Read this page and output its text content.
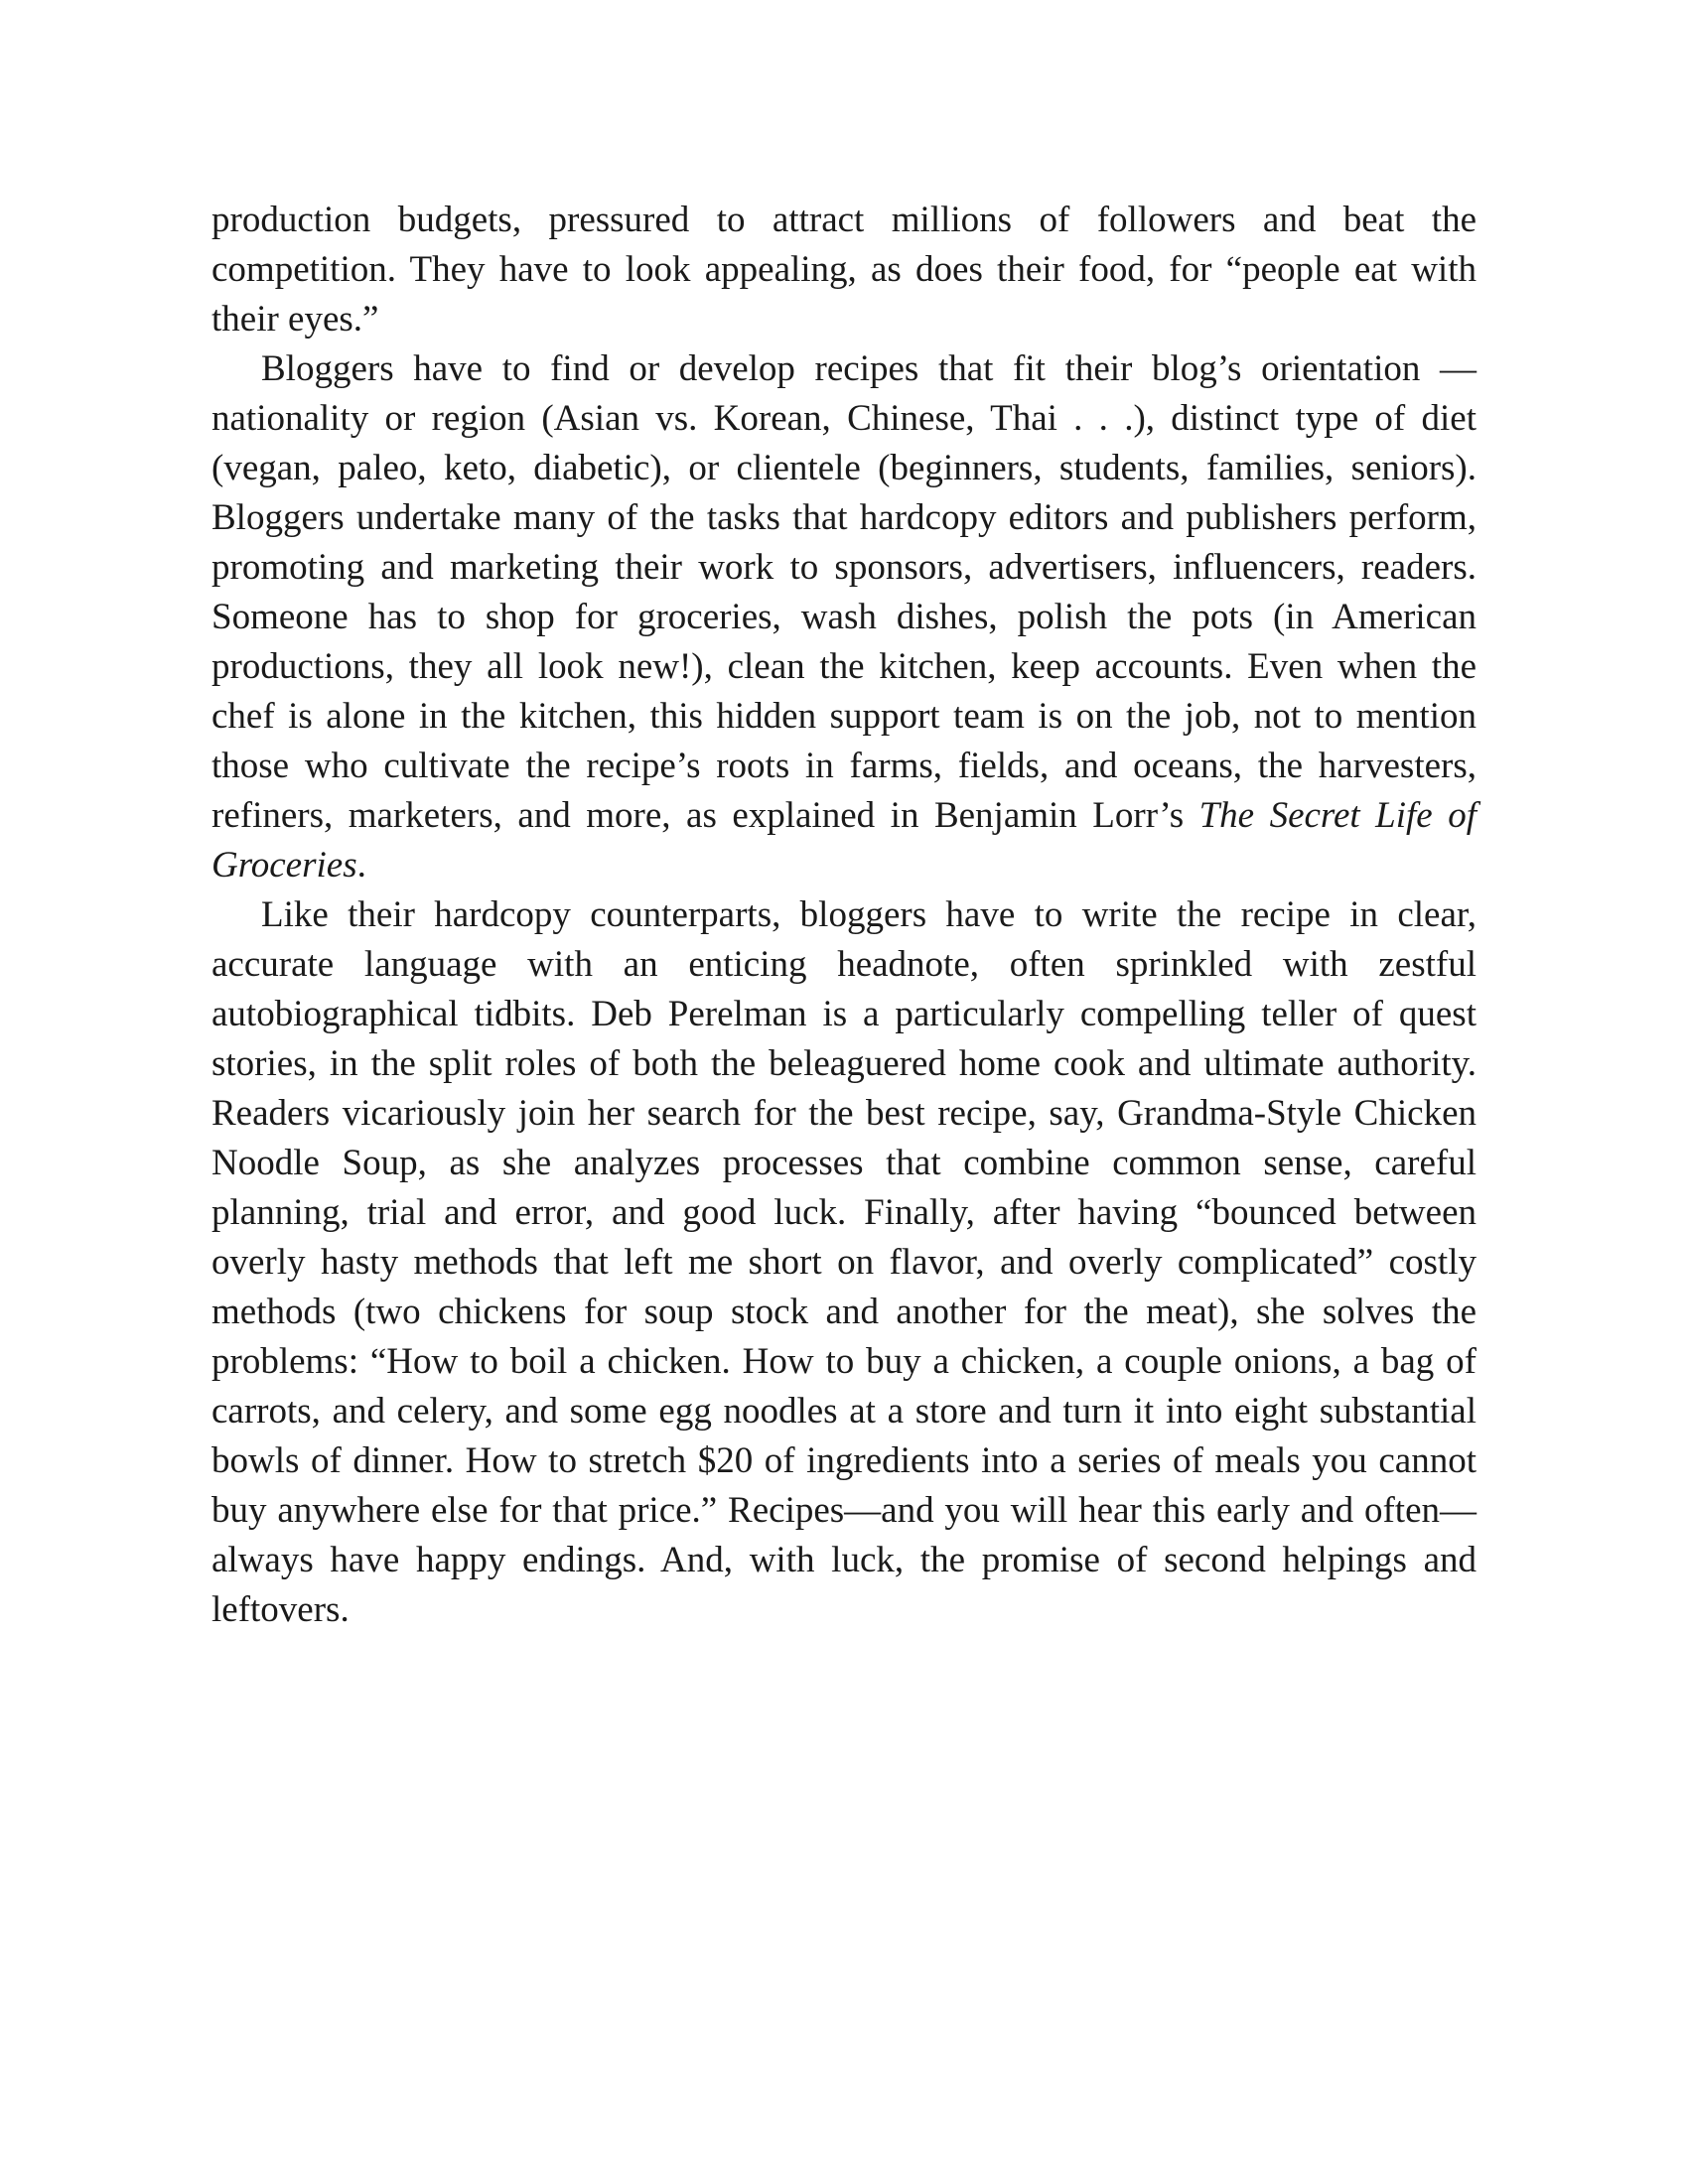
production budgets, pressured to attract millions of followers and beat the competition. They have to look appealing, as does their food, for “people eat with their eyes.”

Bloggers have to find or develop recipes that fit their blog’s orientation —nationality or region (Asian vs. Korean, Chinese, Thai . . .), distinct type of diet (vegan, paleo, keto, diabetic), or clientele (beginners, students, families, seniors). Bloggers undertake many of the tasks that hardcopy editors and publishers perform, promoting and marketing their work to sponsors, advertisers, influencers, readers. Someone has to shop for groceries, wash dishes, polish the pots (in American productions, they all look new!), clean the kitchen, keep accounts. Even when the chef is alone in the kitchen, this hidden support team is on the job, not to mention those who cultivate the recipe’s roots in farms, fields, and oceans, the harvesters, refiners, marketers, and more, as explained in Benjamin Lorr’s The Secret Life of Groceries.

Like their hardcopy counterparts, bloggers have to write the recipe in clear, accurate language with an enticing headnote, often sprinkled with zestful autobiographical tidbits. Deb Perelman is a particularly compelling teller of quest stories, in the split roles of both the beleaguered home cook and ultimate authority. Readers vicariously join her search for the best recipe, say, Grandma-Style Chicken Noodle Soup, as she analyzes processes that combine common sense, careful planning, trial and error, and good luck. Finally, after having “bounced between overly hasty methods that left me short on flavor, and overly complicated” costly methods (two chickens for soup stock and another for the meat), she solves the problems: “How to boil a chicken. How to buy a chicken, a couple onions, a bag of carrots, and celery, and some egg noodles at a store and turn it into eight substantial bowls of dinner. How to stretch $20 of ingredients into a series of meals you cannot buy anywhere else for that price.” Recipes—and you will hear this early and often—always have happy endings. And, with luck, the promise of second helpings and leftovers.
